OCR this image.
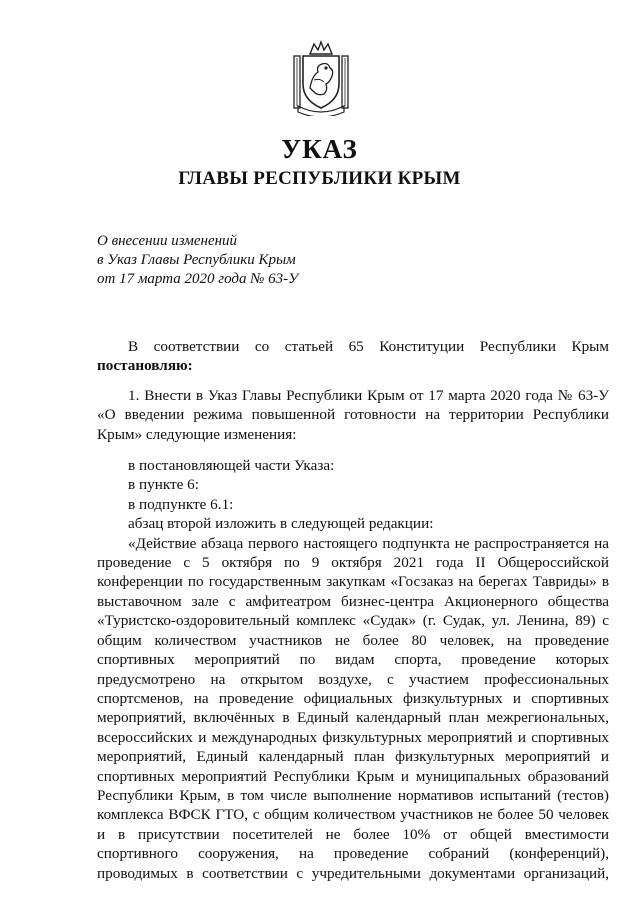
УКАЗ
ГЛАВЫ РЕСПУБЛИКИ КРЫМ
О внесении изменений
в Указ Главы Республики Крым
от 17 марта 2020 года № 63-У
В соответствии со статьей 65 Конституции Республики Крым
постановляю:
1. Внести в Указ Главы Республики Крым от 17 марта 2020 года № 63-У
«О введении режима повышенной готовности на территории Республики
Крым» следующие изменения:
в постановляющей части Указа:
в пункте 6:
в подпункте 6.1:
абзац второй изложить в следующей редакции:
«Действие абзаца первого настоящего подпункта не распространяется на
проведение с 5 октября по 9 октября 2021 года II Общероссийской
конференции по государственным закупкам «Госзаказ на берегах Тавриды» в
выставочном зале с амфитеатром бизнес-центра Акционерного общества
«Туристско-оздоровительный комплекс «Судак» (г. Судак, ул. Ленина, 89) с
общим количеством участников не более 80 человек, на проведение
спортивных мероприятий по видам спорта, проведение которых
предусмотрено на открытом воздухе, с участием профессиональных
спортсменов, на проведение официальных физкультурных и спортивных
мероприятий, включённых в Единый календарный план межрегиональных,
всероссийских и международных физкультурных мероприятий и спортивных
мероприятий, Единый календарный план физкультурных мероприятий и
спортивных мероприятий Республики Крым и муниципальных образований
Республики Крым, в том числе выполнение нормативов испытаний (тестов)
комплекса ВФСК ГТО, с общим количеством участников не более 50 человек
и в присутствии посетителей не более 10% от общей вместимости
спортивного сооружения, на проведение собраний (конференций),
проводимых в соответствии с учредительными документами организаций,
